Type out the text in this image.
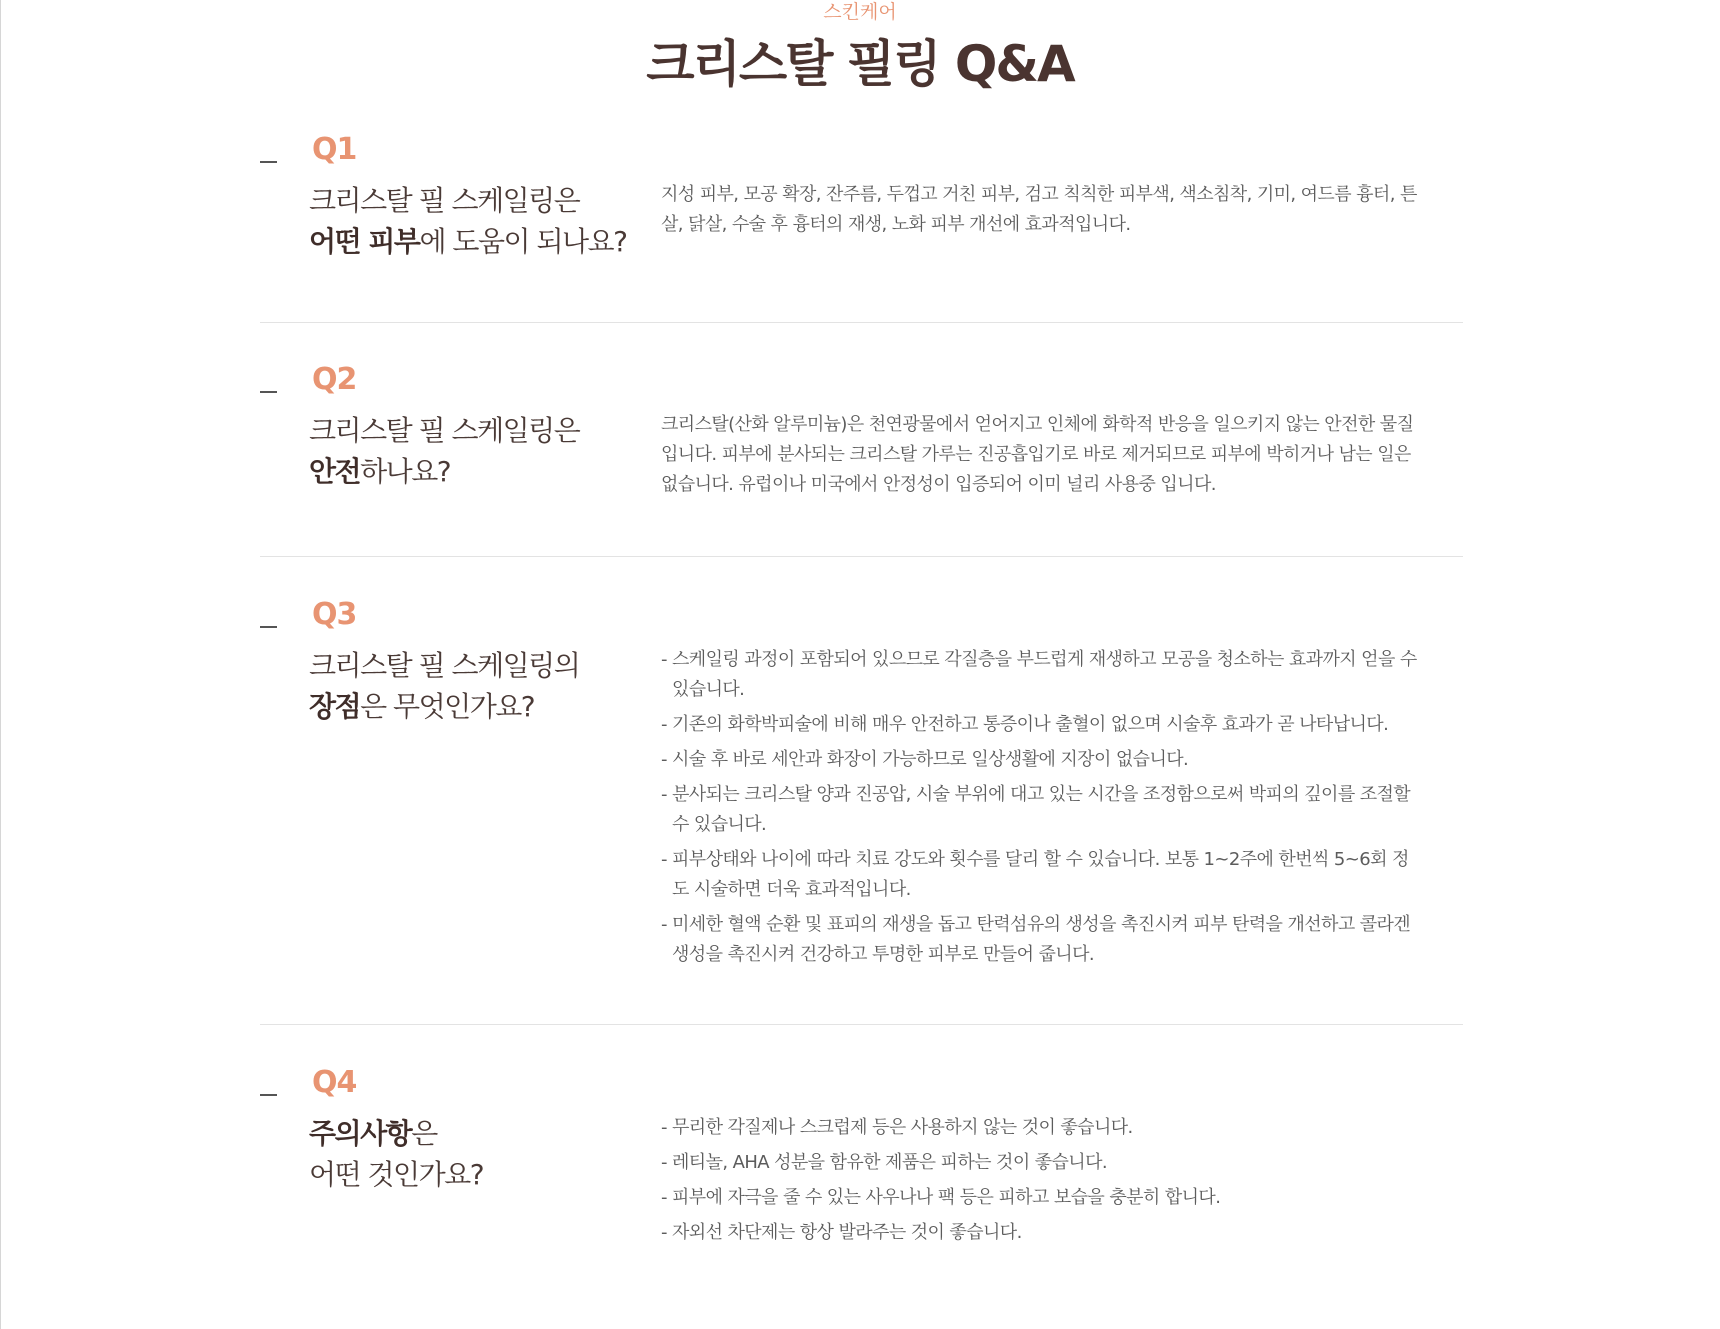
스킨케어
크리스탈 필링 Q&A
Q1
크리스탈 필 스케일링은
어떤 피부에 도움이 되나요?
지성 피부, 모공 확장, 잔주름, 두껍고 거친 피부, 검고 칙칙한 피부색, 색소침착, 기미, 여드름 흉터, 튼살, 닭살, 수술 후 흉터의 재생, 노화 피부 개선에 효과적입니다.
Q2
크리스탈 필 스케일링은
안전하나요?
크리스탈(산화 알루미늄)은 천연광물에서 얻어지고 인체에 화학적 반응을 일으키지 않는 안전한 물질입니다. 피부에 분사되는 크리스탈 가루는 진공흡입기로 바로 제거되므로 피부에 박히거나 남는 일은 없습니다. 유럽이나 미국에서 안정성이 입증되어 이미 널리 사용중 입니다.
Q3
크리스탈 필 스케일링의
장점은 무엇인가요?
- 스케일링 과정이 포함되어 있으므로 각질층을 부드럽게 재생하고 모공을 청소하는 효과까지 얻을 수 있습니다.
- 기존의 화학박피술에 비해 매우 안전하고 통증이나 출혈이 없으며 시술후 효과가 곧 나타납니다.
- 시술 후 바로 세안과 화장이 가능하므로 일상생활에 지장이 없습니다.
- 분사되는 크리스탈 양과 진공압, 시술 부위에 대고 있는 시간을 조정함으로써 박피의 깊이를 조절할 수 있습니다.
- 피부상태와 나이에 따라 치료 강도와 횟수를 달리 할 수 있습니다. 보통 1~2주에 한번씩 5~6회 정도 시술하면 더욱 효과적입니다.
- 미세한 혈액 순환 및 표피의 재생을 돕고 탄력섬유의 생성을 촉진시켜 피부 탄력을 개선하고 콜라겐 생성을 촉진시켜 건강하고 투명한 피부로 만들어 줍니다.
Q4
주의사항은
어떤 것인가요?
- 무리한 각질제나 스크럽제 등은 사용하지 않는 것이 좋습니다.
- 레티놀, AHA 성분을 함유한 제품은 피하는 것이 좋습니다.
- 피부에 자극을 줄 수 있는 사우나나 팩 등은 피하고 보습을 충분히 합니다.
- 자외선 차단제는 항상 발라주는 것이 좋습니다.
